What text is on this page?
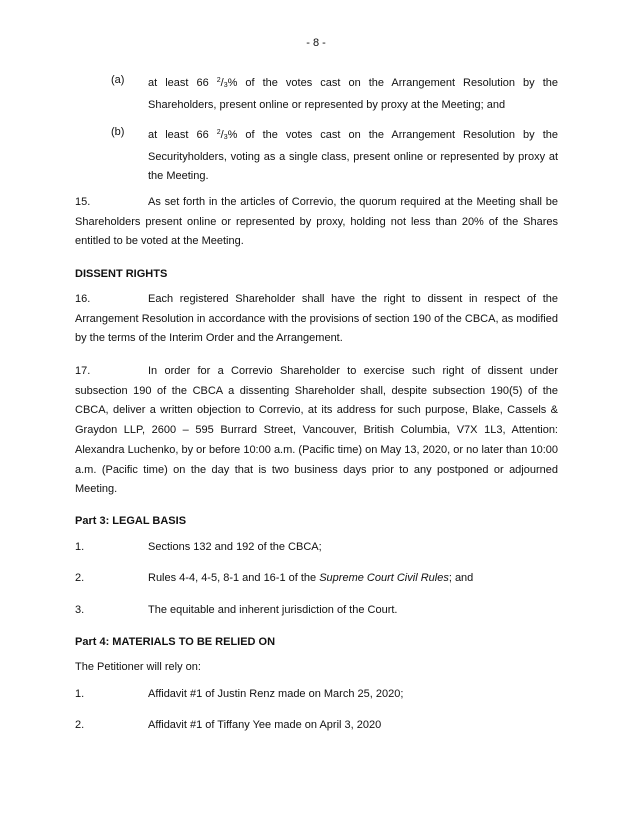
- 8 -
(a) at least 66 $^2/_3\%$ of the votes cast on the Arrangement Resolution by the Shareholders, present online or represented by proxy at the Meeting; and
(b) at least 66 $^2/_3\%$ of the votes cast on the Arrangement Resolution by the Securityholders, voting as a single class, present online or represented by proxy at the Meeting.
15.	As set forth in the articles of Correvio, the quorum required at the Meeting shall be Shareholders present online or represented by proxy, holding not less than 20% of the Shares entitled to be voted at the Meeting.
DISSENT RIGHTS
16.	Each registered Shareholder shall have the right to dissent in respect of the Arrangement Resolution in accordance with the provisions of section 190 of the CBCA, as modified by the terms of the Interim Order and the Arrangement.
17.	In order for a Correvio Shareholder to exercise such right of dissent under subsection 190 of the CBCA a dissenting Shareholder shall, despite subsection 190(5) of the CBCA, deliver a written objection to Correvio, at its address for such purpose, Blake, Cassels & Graydon LLP, 2600 – 595 Burrard Street, Vancouver, British Columbia, V7X 1L3, Attention: Alexandra Luchenko, by or before 10:00 a.m. (Pacific time) on May 13, 2020, or no later than 10:00 a.m. (Pacific time) on the day that is two business days prior to any postponed or adjourned Meeting.
Part 3: LEGAL BASIS
1.	Sections 132 and 192 of the CBCA;
2.	Rules 4-4, 4-5, 8-1 and 16-1 of the Supreme Court Civil Rules; and
3.	The equitable and inherent jurisdiction of the Court.
Part 4: MATERIALS TO BE RELIED ON
The Petitioner will rely on:
1.	Affidavit #1 of Justin Renz made on March 25, 2020;
2.	Affidavit #1 of Tiffany Yee made on April 3, 2020
